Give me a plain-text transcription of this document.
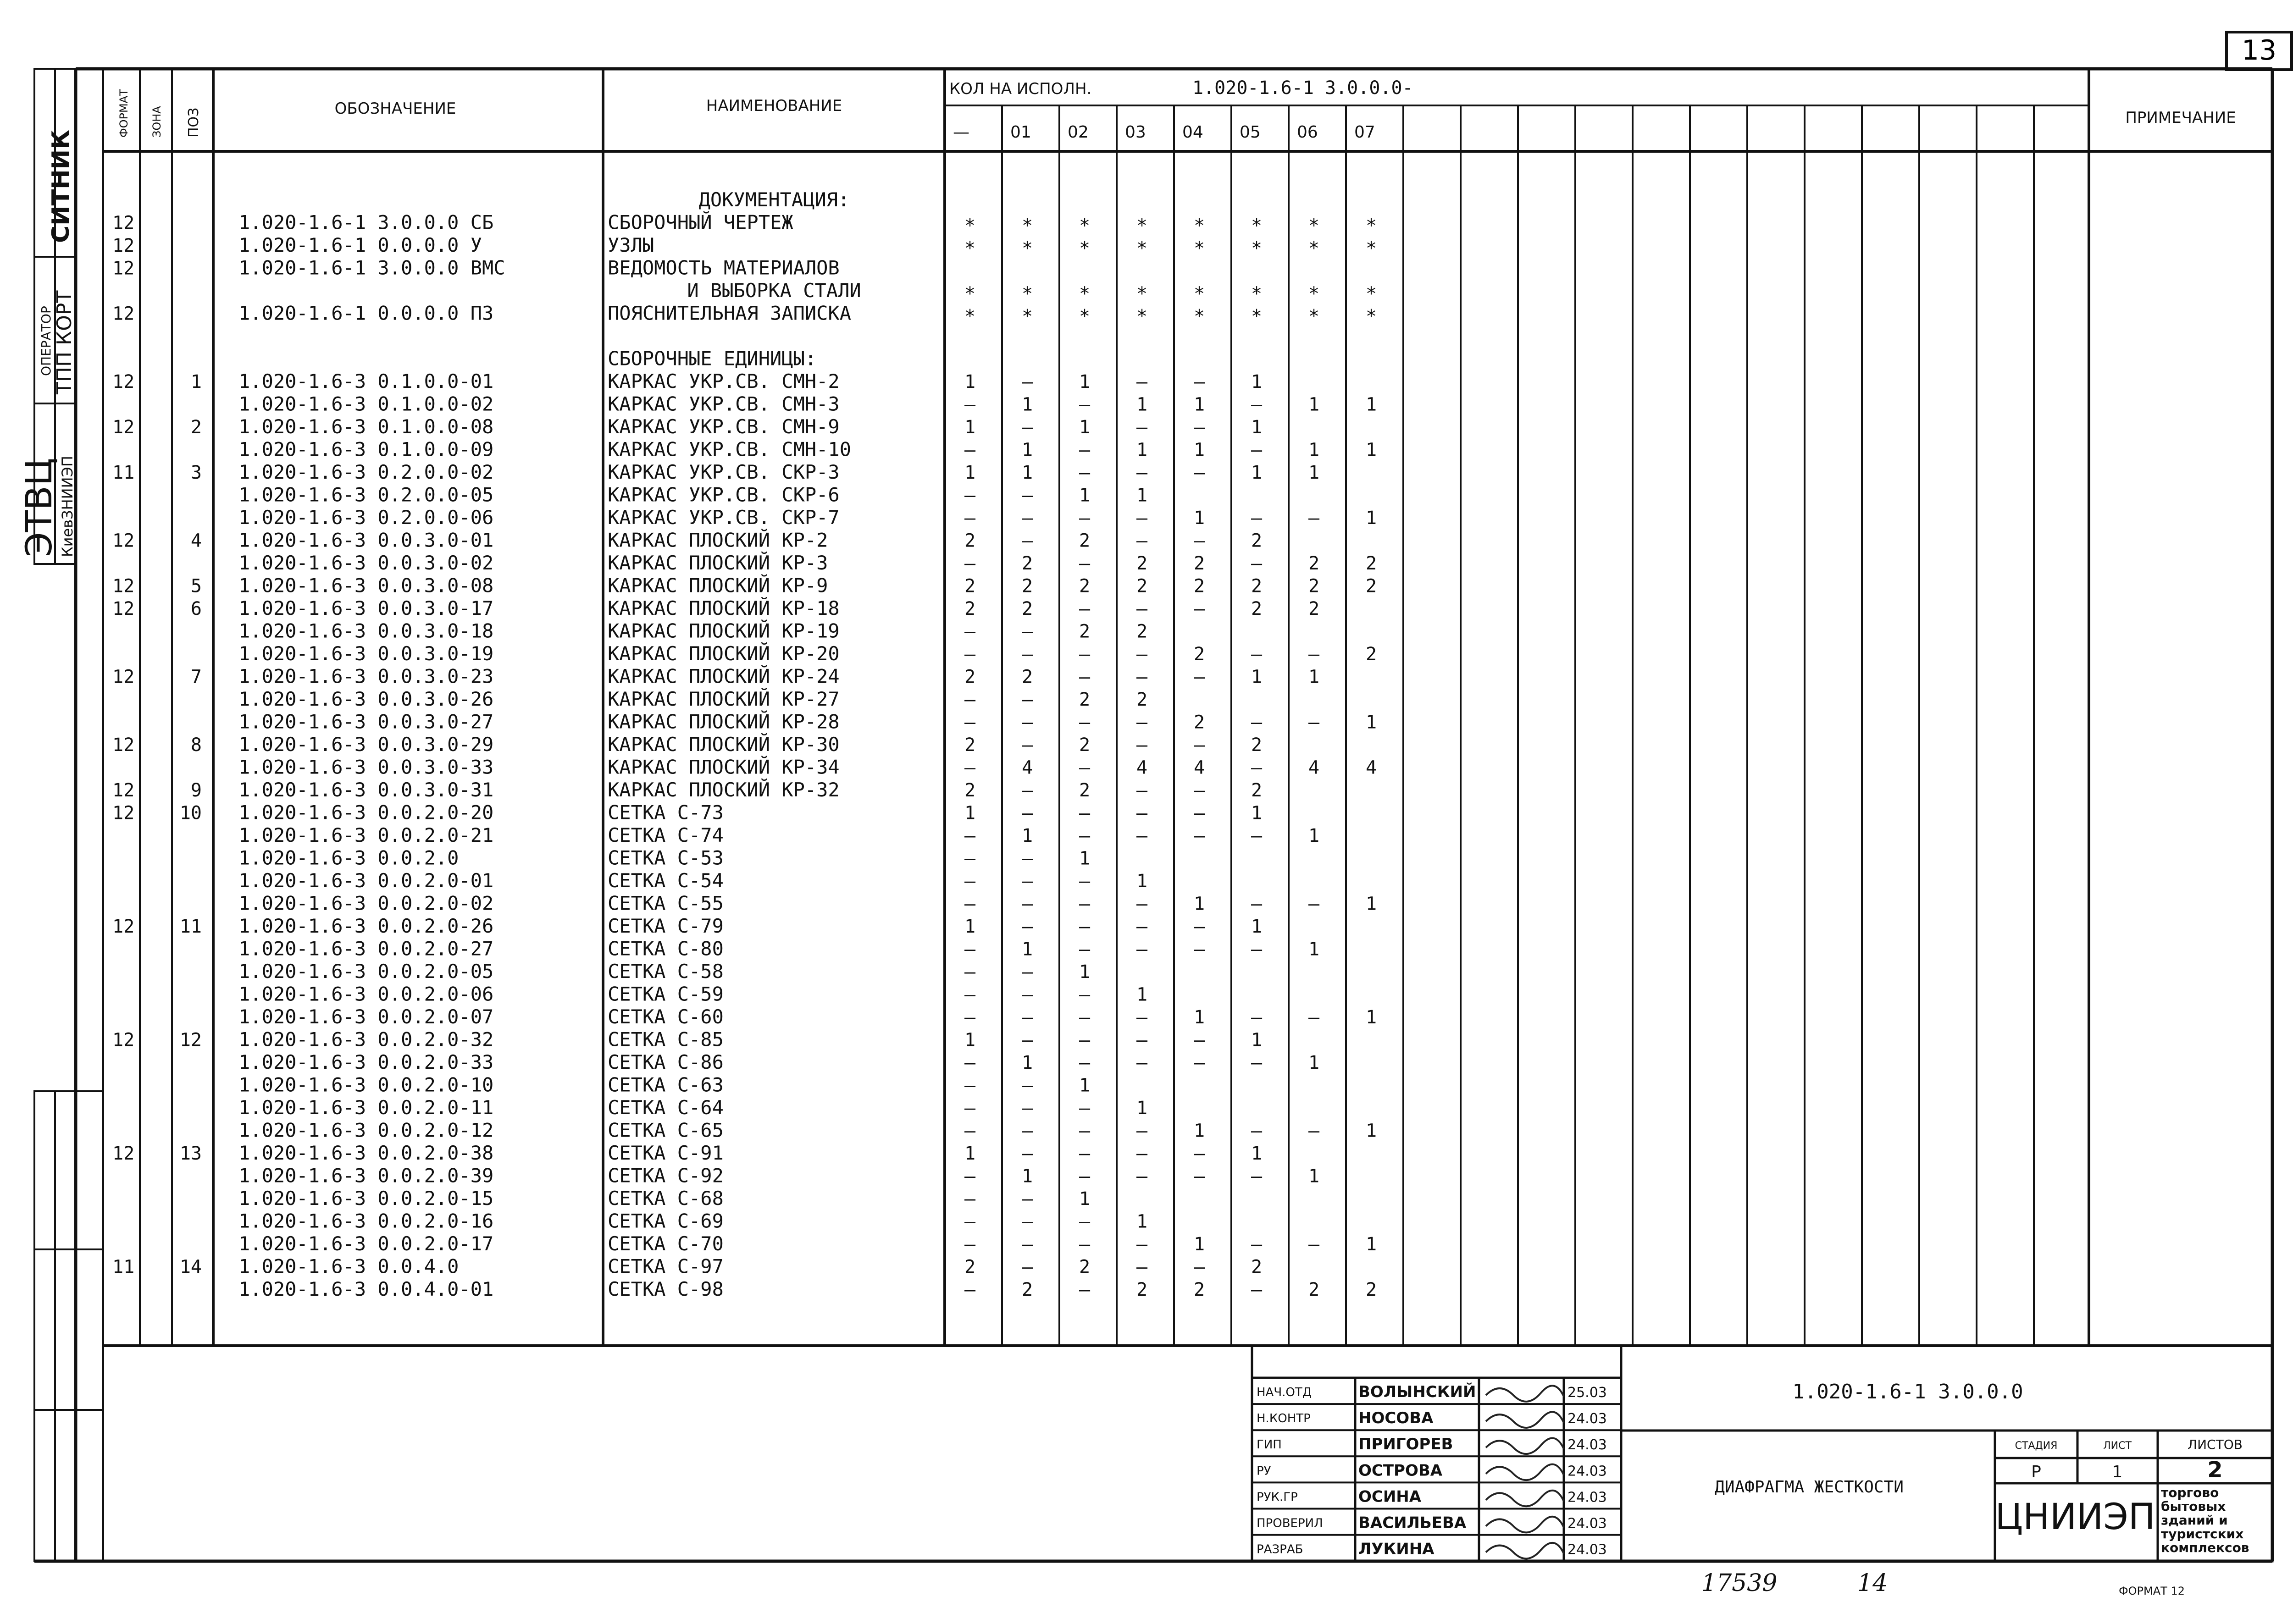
13
СИТНИК
ОПЕРАТОР
ТПП КОРТ
ЭТВЦ
КиевЗНИИЭП
ФОРМАТ ЗОНА ПОЗ	ОБОЗНАЧЕНИЕ	НАИМЕНОВАНИЕ
КОЛ НА ИСПОЛН.	1.020-1.6-1 3.0.0.0-
ПРИМЕЧАНИЕ
— 01 02 03 04 05 06 07
ДОКУМЕНТАЦИЯ:
12	1.020-1.6-1 3.0.0.0 СБ	СБОРОЧНЫЙ ЧЕРТЕЖ	*	*	*	*	*	*	*	*
12	1.020-1.6-1 0.0.0.0 У	УЗЛЫ	*	*	*	*	*	*	*	*
12	1.020-1.6-1 3.0.0.0 ВМС	ВЕДОМОСТЬ МАТЕРИАЛОВ
И ВЫБОРКА СТАЛИ	*	*	*	*	*	*	*	*
12	1.020-1.6-1 0.0.0.0 ПЗ	ПОЯСНИТЕЛЬНАЯ ЗАПИСКА	*	*	*	*	*	*	*	*
СБОРОЧНЫЕ ЕДИНИЦЫ:
12	1 1.020-1.6-3 0.1.0.0-01	КАРКАС УКР.СВ. СМН-2	1	—	1	—	—	1
1.020-1.6-3 0.1.0.0-02	КАРКАС УКР.СВ. СМН-3	—	1	—	1	1	—	1	1
12	2 1.020-1.6-3 0.1.0.0-08	КАРКАС УКР.СВ. СМН-9	1	—	1	—	—	1
1.020-1.6-3 0.1.0.0-09	КАРКАС УКР.СВ. СМН-10	—	1	—	1	1	—	1	1
11	3 1.020-1.6-3 0.2.0.0-02	КАРКАС УКР.СВ. СКР-3	1	1	—	—	—	1	1
1.020-1.6-3 0.2.0.0-05	КАРКАС УКР.СВ. СКР-6	—	—	1	1
1.020-1.6-3 0.2.0.0-06	КАРКАС УКР.СВ. СКР-7	—	—	—	—	1	—	—	1
12	4 1.020-1.6-3 0.0.3.0-01	КАРКАС ПЛОСКИЙ КР-2	2	—	2	—	—	2
1.020-1.6-3 0.0.3.0-02	КАРКАС ПЛОСКИЙ КР-3	—	2	—	2	2	—	2	2
12	5 1.020-1.6-3 0.0.3.0-08	КАРКАС ПЛОСКИЙ КР-9	2	2	2	2	2	2	2	2
12	6 1.020-1.6-3 0.0.3.0-17	КАРКАС ПЛОСКИЙ КР-18	2	2	—	—	—	2	2
1.020-1.6-3 0.0.3.0-18	КАРКАС ПЛОСКИЙ КР-19	—	—	2	2
1.020-1.6-3 0.0.3.0-19	КАРКАС ПЛОСКИЙ КР-20	—	—	—	—	2	—	—	2
12	7 1.020-1.6-3 0.0.3.0-23	КАРКАС ПЛОСКИЙ КР-24	2	2	—	—	—	1	1
1.020-1.6-3 0.0.3.0-26	КАРКАС ПЛОСКИЙ КР-27	—	—	2	2
1.020-1.6-3 0.0.3.0-27	КАРКАС ПЛОСКИЙ КР-28	—	—	—	—	2	—	—	1
12	8 1.020-1.6-3 0.0.3.0-29	КАРКАС ПЛОСКИЙ КР-30	2	—	2	—	—	2
1.020-1.6-3 0.0.3.0-33	КАРКАС ПЛОСКИЙ КР-34	—	4	—	4	4	—	4	4
12	9 1.020-1.6-3 0.0.3.0-31	КАРКАС ПЛОСКИЙ КР-32	2	—	2	—	—	2
12 10 1.020-1.6-3 0.0.2.0-20	СЕТКА С-73	1	—	—	—	—	1
1.020-1.6-3 0.0.2.0-21	СЕТКА С-74	—	1	—	—	—	—	1
1.020-1.6-3 0.0.2.0	СЕТКА С-53	—	—	1
1.020-1.6-3 0.0.2.0-01	СЕТКА С-54	—	—	—	1
1.020-1.6-3 0.0.2.0-02	СЕТКА С-55	—	—	—	—	1	—	—	1
12 11 1.020-1.6-3 0.0.2.0-26	СЕТКА С-79	1	—	—	—	—	1
1.020-1.6-3 0.0.2.0-27	СЕТКА С-80	—	1	—	—	—	—	1
1.020-1.6-3 0.0.2.0-05	СЕТКА С-58	—	—	1
1.020-1.6-3 0.0.2.0-06	СЕТКА С-59	—	—	—	1
1.020-1.6-3 0.0.2.0-07	СЕТКА С-60	—	—	—	—	1	—	—	1
12 12 1.020-1.6-3 0.0.2.0-32	СЕТКА С-85	1	—	—	—	—	1
1.020-1.6-3 0.0.2.0-33	СЕТКА С-86	—	1	—	—	—	—	1
1.020-1.6-3 0.0.2.0-10	СЕТКА С-63	—	—	1
1.020-1.6-3 0.0.2.0-11	СЕТКА С-64	—	—	—	1
1.020-1.6-3 0.0.2.0-12	СЕТКА С-65	—	—	—	—	1	—	—	1
12 13 1.020-1.6-3 0.0.2.0-38	СЕТКА С-91	1	—	—	—	—	1
1.020-1.6-3 0.0.2.0-39	СЕТКА С-92	—	1	—	—	—	—	1
1.020-1.6-3 0.0.2.0-15	СЕТКА С-68	—	—	1
1.020-1.6-3 0.0.2.0-16	СЕТКА С-69	—	—	—	1
1.020-1.6-3 0.0.2.0-17	СЕТКА С-70	—	—	—	—	1	—	—	1
11 14 1.020-1.6-3 0.0.4.0	СЕТКА С-97	2	—	2	—	—	2
1.020-1.6-3 0.0.4.0-01	СЕТКА С-98	—	2	—	2	2	—	2	2
НАЧ.ОТД	ВОЛЫНСКИЙ	25.03
Н.КОНТР	НОСОВА	24.03
ГИП	ПРИГОРЕВ	24.03
РУ	ОСТРОВА	24.03
РУК.ГР	ОСИНА	24.03
ПРОВЕРИЛ ВАСИЛЬЕВА	24.03
РАЗРАБ	ЛУКИНА	24.03
1.020-1.6-1 3.0.0.0
ДИАФРАГМА ЖЕСТКОСТИ
СТАДИЯ	ЛИСТ	ЛИСТОВ
Р	1	2
ЦНИИЭП
торгово
бытовых
зданий и
туристских
комплексов
17539	14	ФОРМАТ 12
